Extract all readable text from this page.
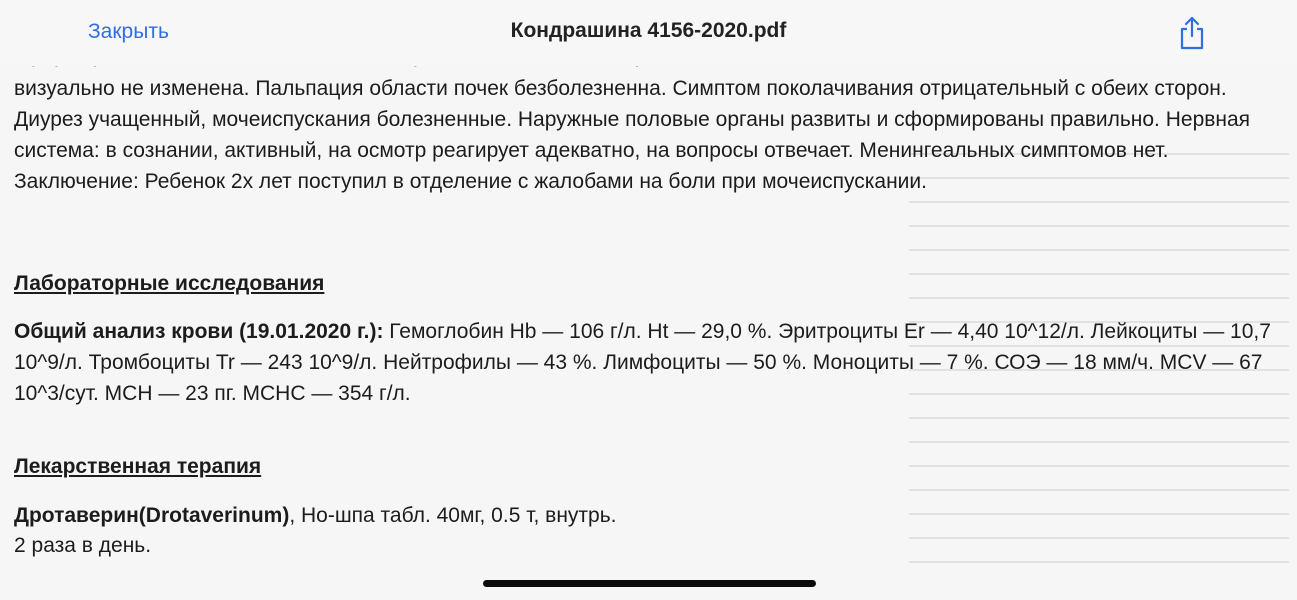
Закрыть	Кондрашина 4156-2020.pdf
визуально не изменена. Пальпация области почек безболезненна. Симптом поколачивания отрицательный с обеих сторон. Диурез учащенный, мочеиспускания болезненные. Наружные половые органы развиты и сформированы правильно. Нервная система: в сознании, активный, на осмотр реагирует адекватно, на вопросы отвечает. Менингеальных симптомов нет. Заключение: Ребенок 2х лет поступил в отделение с жалобами на боли при мочеиспускании.
Лабораторные исследования
Общий анализ крови (19.01.2020 г.): Гемоглобин Hb — 106 г/л. Ht — 29,0 %. Эритроциты Er — 4,40 10^12/л. Лейкоциты — 10,7 10^9/л. Тромбоциты Tr — 243 10^9/л. Нейтрофилы — 43 %. Лимфоциты — 50 %. Моноциты — 7 %. СОЭ — 18 мм/ч. MCV — 67 10^3/сут. МСН — 23 пг. МСНС — 354 г/л.
Лекарственная терапия
Дротаверин(Drotaverinum), Но-шпа табл. 40мг, 0.5 т, внутрь.
2 раза в день.
